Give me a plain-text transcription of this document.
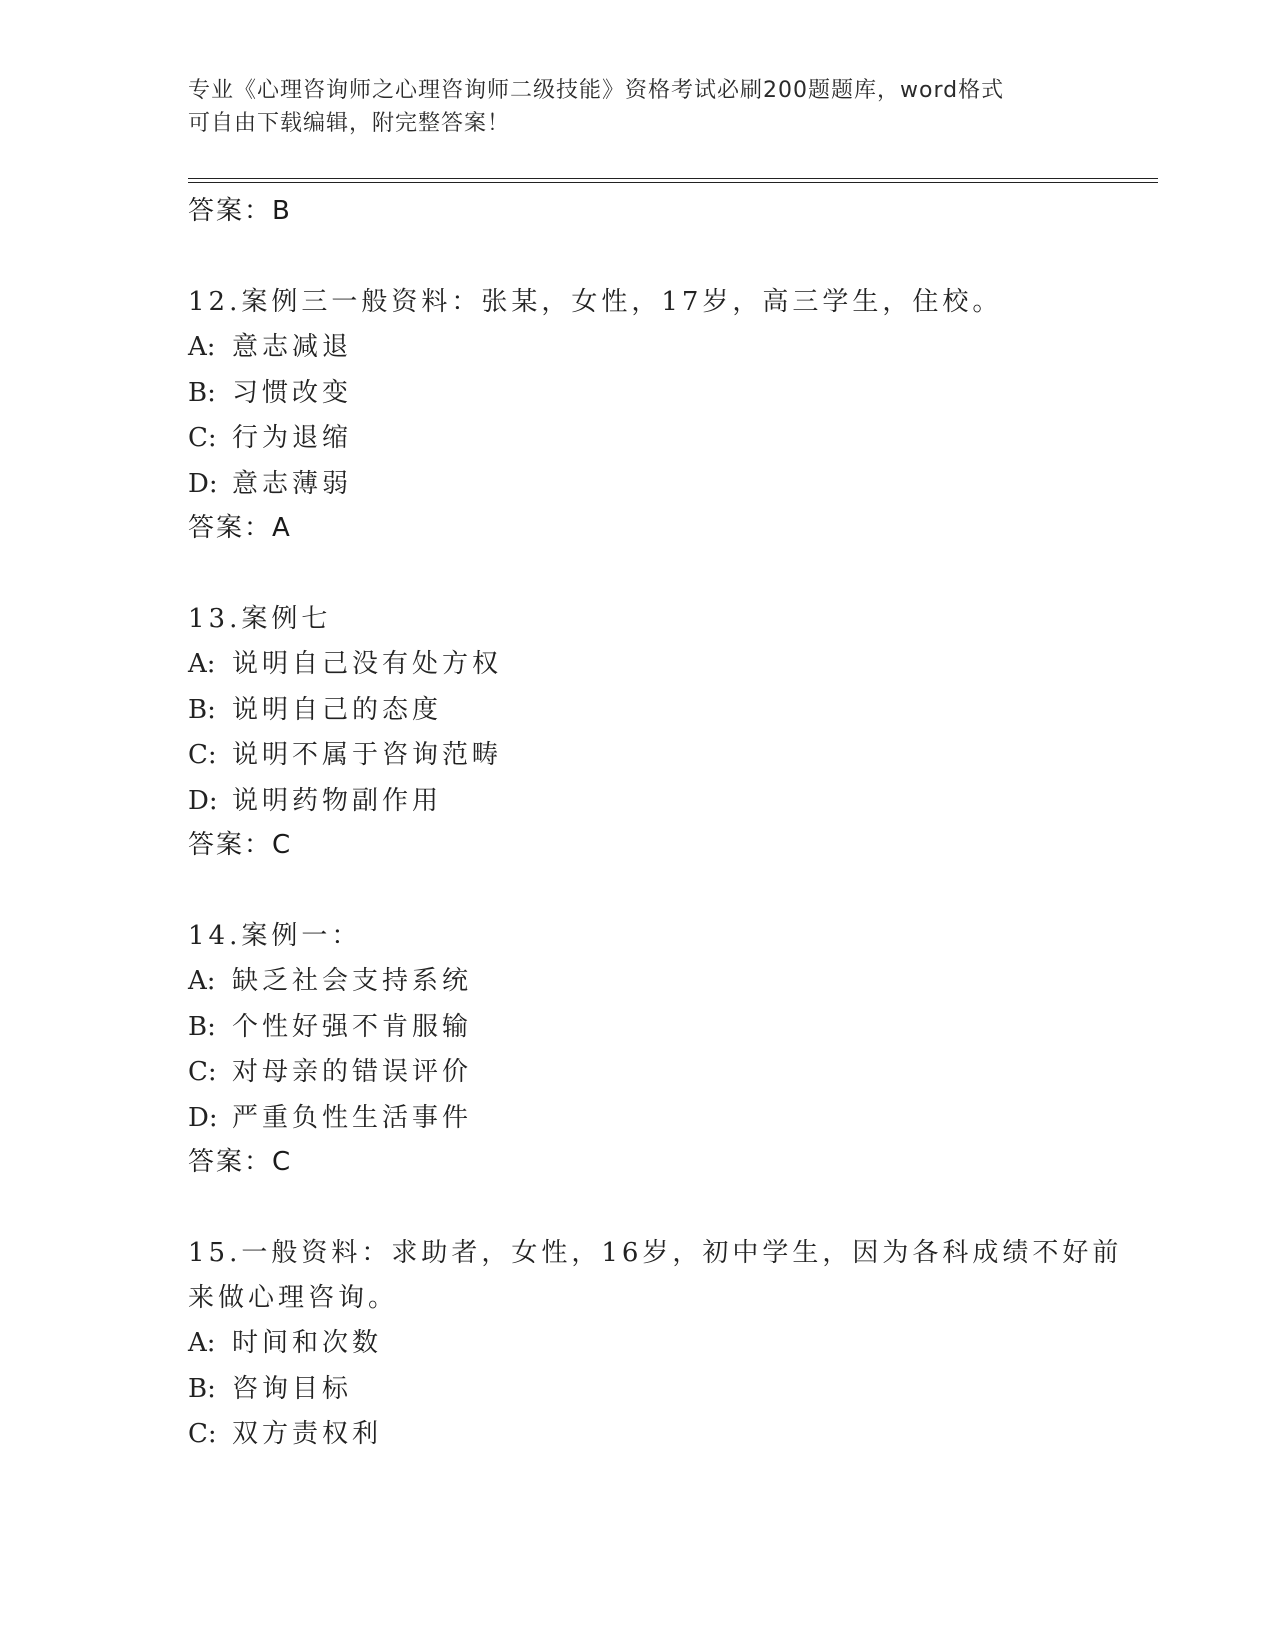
专业《心理咨询师之心理咨询师二级技能》资格考试必刷200题题库，word格式
可自由下载编辑，附完整答案！
答案：B
12.案例三一般资料：张某，女性，17岁，高三学生，住校。
A: 意志减退
B: 习惯改变
C: 行为退缩
D: 意志薄弱
答案：A
13.案例七
A: 说明自己没有处方权
B: 说明自己的态度
C: 说明不属于咨询范畴
D: 说明药物副作用
答案：C
14.案例一：
A: 缺乏社会支持系统
B: 个性好强不肯服输
C: 对母亲的错误评价
D: 严重负性生活事件
答案：C
15.一般资料：求助者，女性，16岁，初中学生，因为各科成绩不好前来做心理咨询。
A: 时间和次数
B: 咨询目标
C: 双方责权利
